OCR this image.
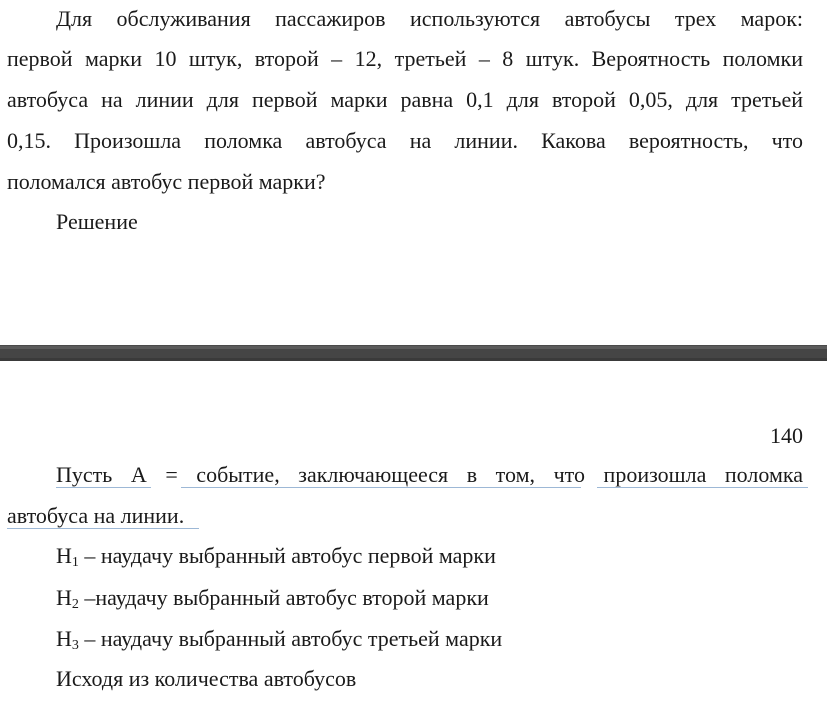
Для обслуживания пассажиров используются автобусы трех марок:
первой марки 10 штук, второй – 12, третьей – 8 штук. Вероятность поломки
автобуса на линии для первой марки равна 0,1 для второй 0,05, для третьей
0,15. Произошла поломка автобуса на линии. Какова вероятность, что
поломался автобус первой марки?
Решение
140
Пусть А = событие, заключающееся в том, что произошла поломка
автобуса на линии.
$Н_1$ – наудачу выбранный автобус первой марки
$Н_2$ –наудачу выбранный автобус второй марки
$Н_3$ – наудачу выбранный автобус третьей марки
Исходя из количества автобусов
